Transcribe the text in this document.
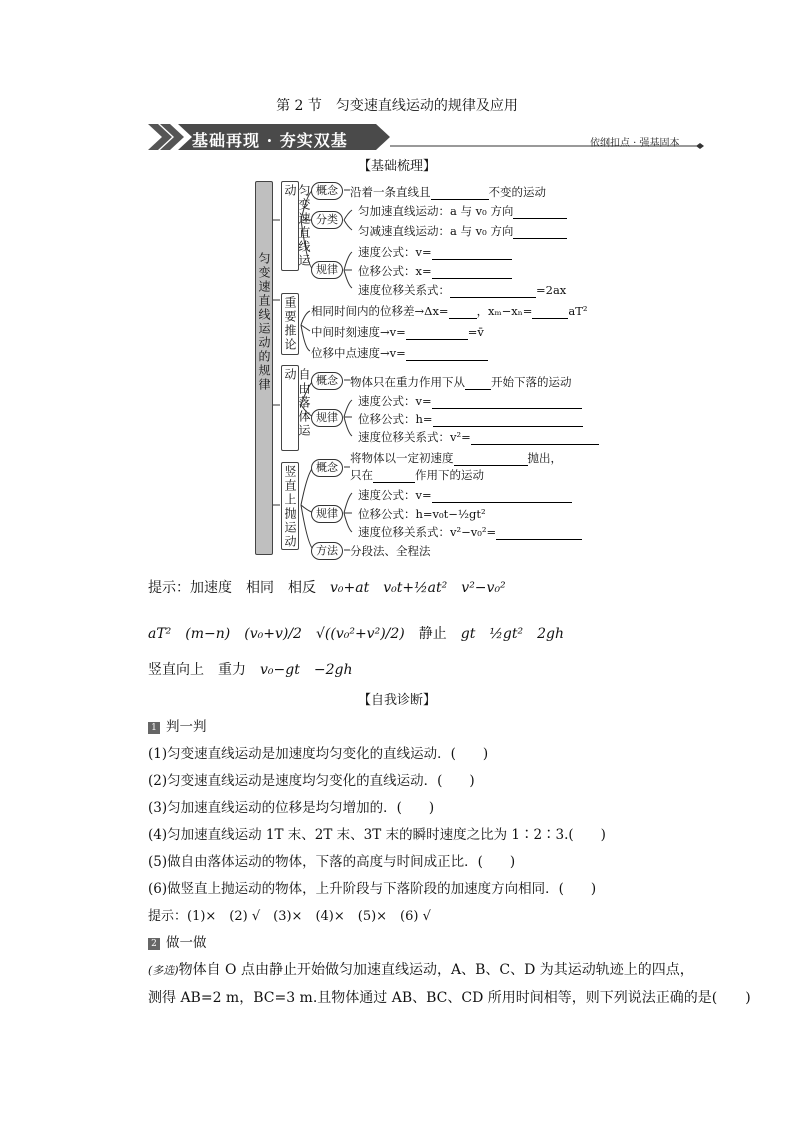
第 2 节　匀变速直线运动的规律及应用
基础再现 · 夯实双基	依纲扣点 · 强基固本
【基础梳理】
匀变速直线运动的规律
匀变速直线运动
重要推论
自由落体运动
竖直上抛运动
概念	沿着一条直线且	不变的运动
分类
匀加速直线运动：a 与 v₀ 方向
匀减速直线运动：a 与 v₀ 方向
规律
速度公式：v=
位移公式：x=
速度位移关系式：	=2ax
相同时间内的位移差→Δx= ，xₘ−xₙ=	aT²
中间时刻速度→v=	=v̄
位移中点速度→v=
概念	物体只在重力作用下从 开始下落的运动
规律
速度公式：v=
位移公式：h=
速度位移关系式：v²=
概念
将物体以一定初速度	抛出，
只在	作用下的运动
规律
速度公式：v=
位移公式：h=v₀t−½gt²
速度位移关系式：v²−v₀²=
方法	分段法、全程法
提示：加速度  相同  相反  v₀+at  v₀t+½at²  v²−v₀²
aT²   (m−n)   (v₀+v)/2   √((v₀²+v²)/2)   静止   gt   ½gt²   2gh
竖直向上  重力  v₀−gt  −2gh
【自我诊断】
1 判一判
(1)匀变速直线运动是加速度均匀变化的直线运动．(　　)
(2)匀变速直线运动是速度均匀变化的直线运动．(　　)
(3)匀加速直线运动的位移是均匀增加的．(　　)
(4)匀加速直线运动 1T 末、2T 末、3T 末的瞬时速度之比为 1∶2∶3.(　　)
(5)做自由落体运动的物体，下落的高度与时间成正比．(　　)
(6)做竖直上抛运动的物体，上升阶段与下落阶段的加速度方向相同．(　　)
提示：(1)×　(2) √　(3)×　(4)×　(5)×　(6) √
2 做一做
(多选)物体自 O 点由静止开始做匀加速直线运动，A、B、C、D 为其运动轨迹上的四点，
测得 AB=2 m，BC=3 m.且物体通过 AB、BC、CD 所用时间相等，则下列说法正确的是(　　)
